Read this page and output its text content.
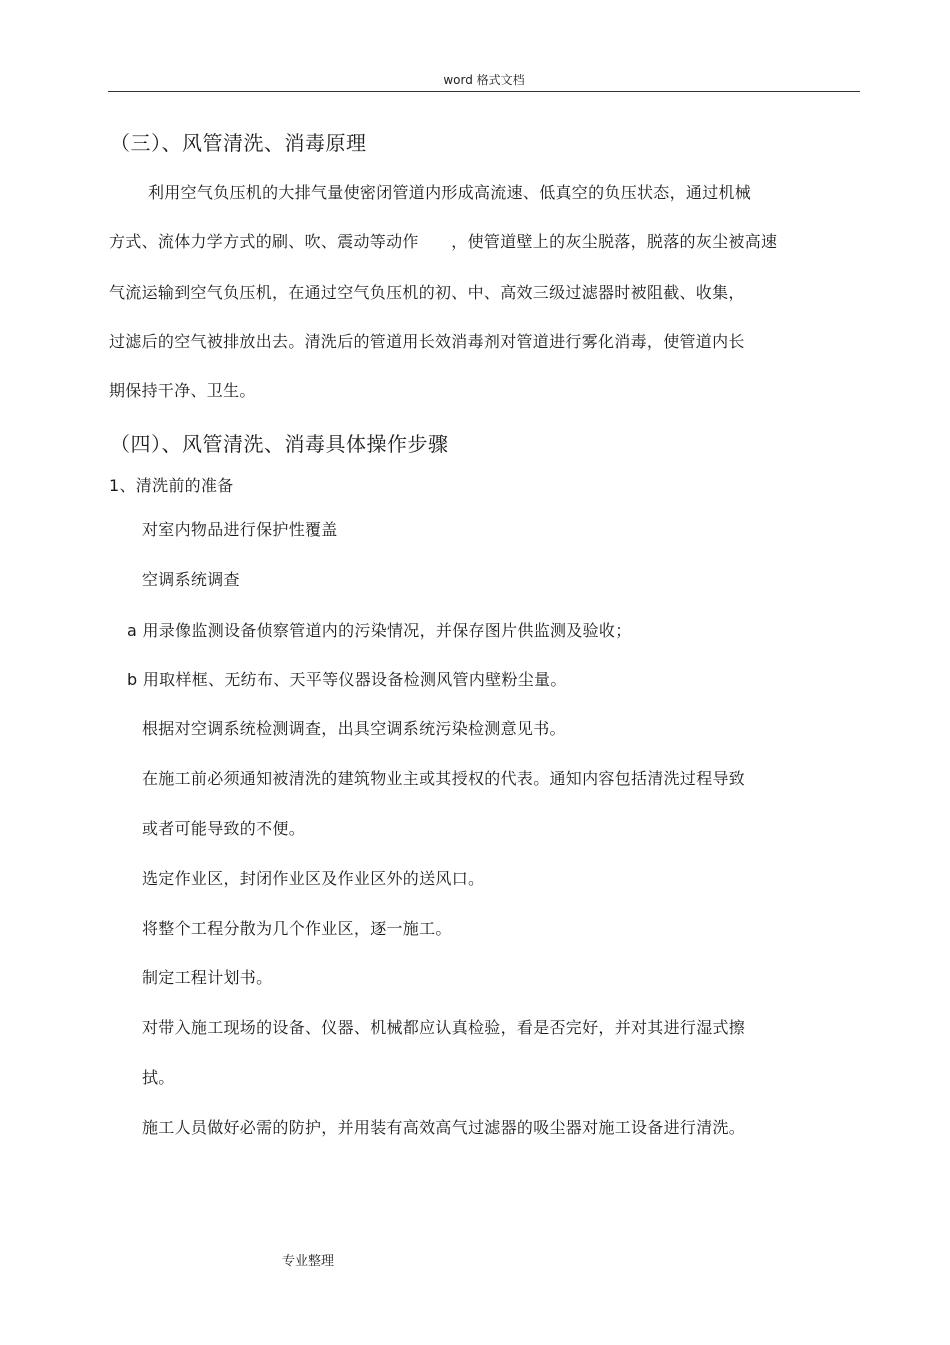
word 格式文档
（三）、风管清洗、消毒原理
利用空气负压机的大排气量使密闭管道内形成高流速、低真空的负压状态，通过机械
方式、流体力学方式的刷、吹、震动等动作　　，使管道壁上的灰尘脱落，脱落的灰尘被高速
气流运输到空气负压机，在通过空气负压机的初、中、高效三级过滤器时被阻截、收集，
过滤后的空气被排放出去。清洗后的管道用长效消毒剂对管道进行雾化消毒，使管道内长
期保持干净、卫生。
（四）、风管清洗、消毒具体操作步骤
1、清洗前的准备
对室内物品进行保护性覆盖
空调系统调查
a 用录像监测设备侦察管道内的污染情况，并保存图片供监测及验收；
b 用取样框、无纺布、天平等仪器设备检测风管内壁粉尘量。
根据对空调系统检测调查，出具空调系统污染检测意见书。
在施工前必须通知被清洗的建筑物业主或其授权的代表。通知内容包括清洗过程导致
或者可能导致的不便。
选定作业区，封闭作业区及作业区外的送风口。
将整个工程分散为几个作业区，逐一施工。
制定工程计划书。
对带入施工现场的设备、仪器、机械都应认真检验，看是否完好，并对其进行湿式擦
拭。
施工人员做好必需的防护，并用装有高效高气过滤器的吸尘器对施工设备进行清洗。
专业整理
